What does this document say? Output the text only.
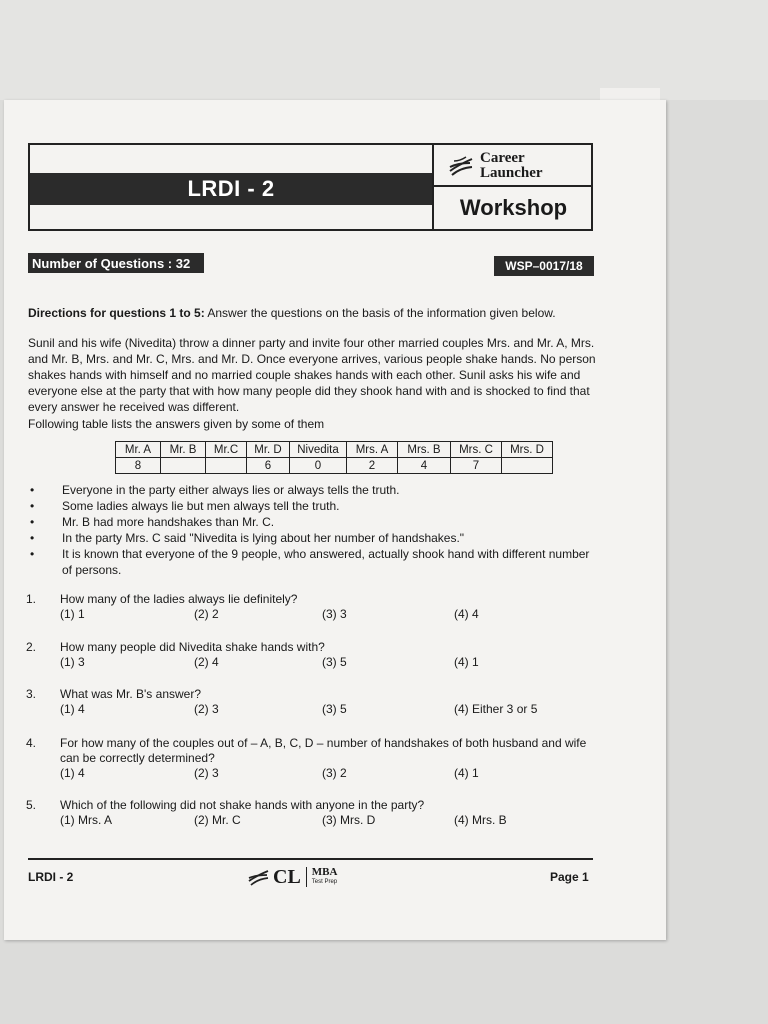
LRDI - 2
Career
Launcher
Workshop
Number of Questions : 32	WSP–0017/18
Directions for questions 1 to 5: Answer the questions on the basis of the information given below.
Sunil and his wife (Nivedita) throw a dinner party and invite four other married couples Mrs. and Mr. A, Mrs. and Mr. B, Mrs. and Mr. C, Mrs. and Mr. D. Once everyone arrives, various people shake hands. No person shakes hands with himself and no married couple shakes hands with each other. Sunil asks his wife and everyone else at the party that with how many people did they shook hand with and is shocked to find that every answer he received was different.
Following table lists the answers given by some of them
Mr. A	Mr. B	Mr.C	Mr. D	Nivedita	Mrs. A	Mrs. B	Mrs. C	Mrs. D
8			6	0	2	4	7	
• Everyone in the party either always lies or always tells the truth.
• Some ladies always lie but men always tell the truth.
• Mr. B had more handshakes than Mr. C.
• In the party Mrs. C said "Nivedita is lying about her number of handshakes."
• It is known that everyone of the 9 people, who answered, actually shook hand with different number of persons.
1. How many of the ladies always lie definitely?
(1) 1	(2) 2	(3) 3	(4) 4
2. How many people did Nivedita shake hands with?
(1) 3	(2) 4	(3) 5	(4) 1
3. What was Mr. B's answer?
(1) 4	(2) 3	(3) 5	(4) Either 3 or 5
4. For how many of the couples out of – A, B, C, D – number of handshakes of both husband and wife can be correctly determined?
(1) 4	(2) 3	(3) 2	(4) 1
5. Which of the following did not shake hands with anyone in the party?
(1) Mrs. A	(2) Mr. C	(3) Mrs. D	(4) Mrs. B
LRDI - 2	CL MBA
Test Prep	Page 1
